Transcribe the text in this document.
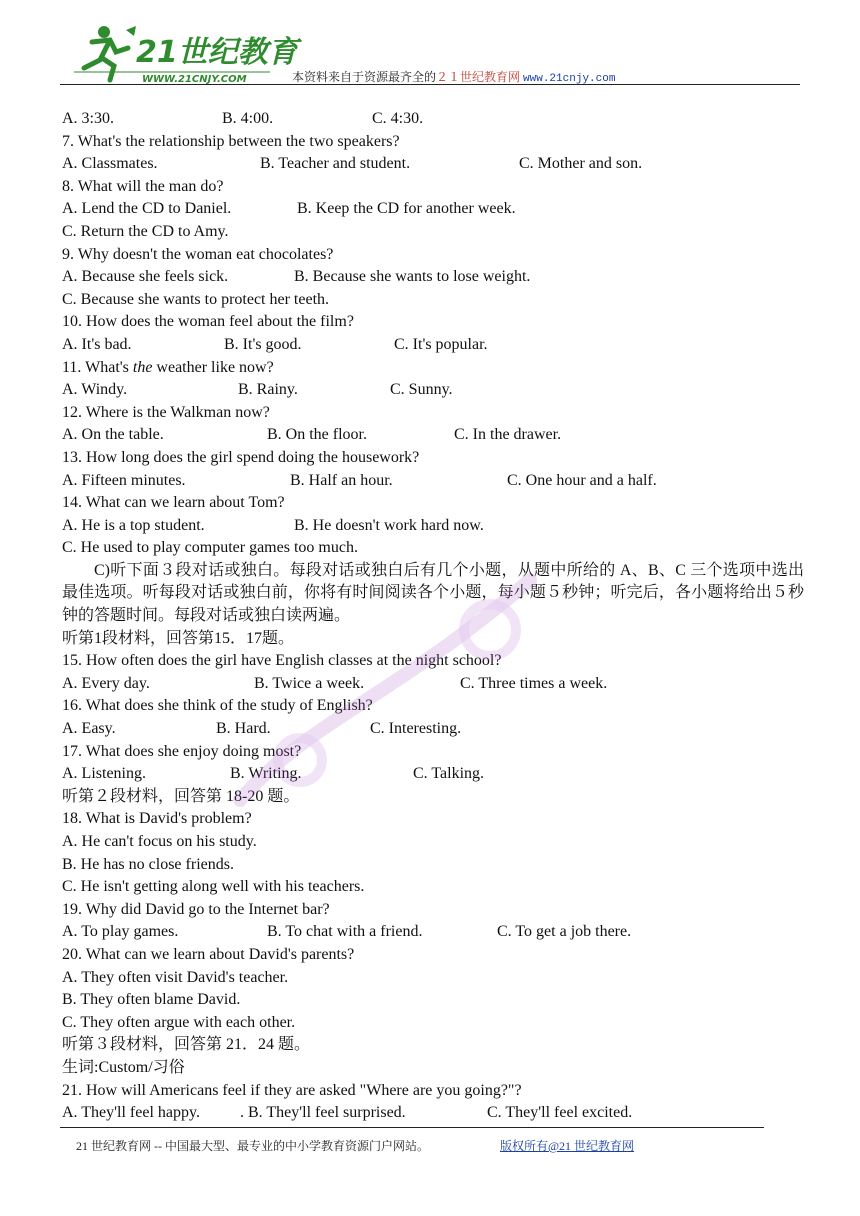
21世纪教育
WWW.21CNJY.COM	本资料来自于资源最齐全的２１世纪教育网 www.21cnjy.com
A. 3:30.	B. 4:00.	C. 4:30.
7. What's the relationship between the two speakers?
A. Classmates.	B. Teacher and student.	C. Mother and son.
8. What will the man do?
A. Lend the CD to Daniel.	B. Keep the CD for another week.
C. Return the CD to Amy.
9. Why doesn't the woman eat chocolates?
A. Because she feels sick.	B. Because she wants to lose weight.
C. Because she wants to protect her teeth.
10. How does the woman feel about the film?
A. It's bad.	B. It's good.	C. It's popular.
11. What's the weather like now?
A. Windy.	B. Rainy.	C. Sunny.
12. Where is the Walkman now?
A. On the table.	B. On the floor.	C. In the drawer.
13. How long does the girl spend doing the housework?
A. Fifteen minutes.	B. Half an hour.	C. One hour and a half.
14. What can we learn about Tom?
A. He is a top student.	B. He doesn't work hard now.
C. He used to play computer games too much.
C)听下面３段对话或独白。每段对话或独白后有几个小题，从题中所给的 A、B、C 三个选项中选出最佳选项。听每段对话或独白前，你将有时间阅读各个小题，每小题５秒钟；听完后，各小题将给出５秒钟的答题时间。每段对话或独白读两遍。
听第1段材料，回答第15．17题。
15. How often does the girl have English classes at the night school?
A. Every day.	B. Twice a week.	C. Three times a week.
16. What does she think of the study of English?
A. Easy.	B. Hard.	C. Interesting.
17. What does she enjoy doing most?
A. Listening.	B. Writing.	C. Talking.
听第２段材料，回答第 18-20 题。
18. What is David's problem?
A. He can't focus on his study.
B. He has no close friends.
C. He isn't getting along well with his teachers.
19. Why did David go to the Internet bar?
A. To play games.	B. To chat with a friend.	C. To get a job there.
20. What can we learn about David's parents?
A. They often visit David's teacher.
B. They often blame David.
C. They often argue with each other.
听第３段材料，回答第 21．24 题。
生词:Custom/习俗
21. How will Americans feel if they are asked "Where are you going?"?
A. They'll feel happy.	. B. They'll feel surprised.	C. They'll feel excited.
21 世纪教育网 -- 中国最大型、最专业的中小学教育资源门户网站。	版权所有@21 世纪教育网
